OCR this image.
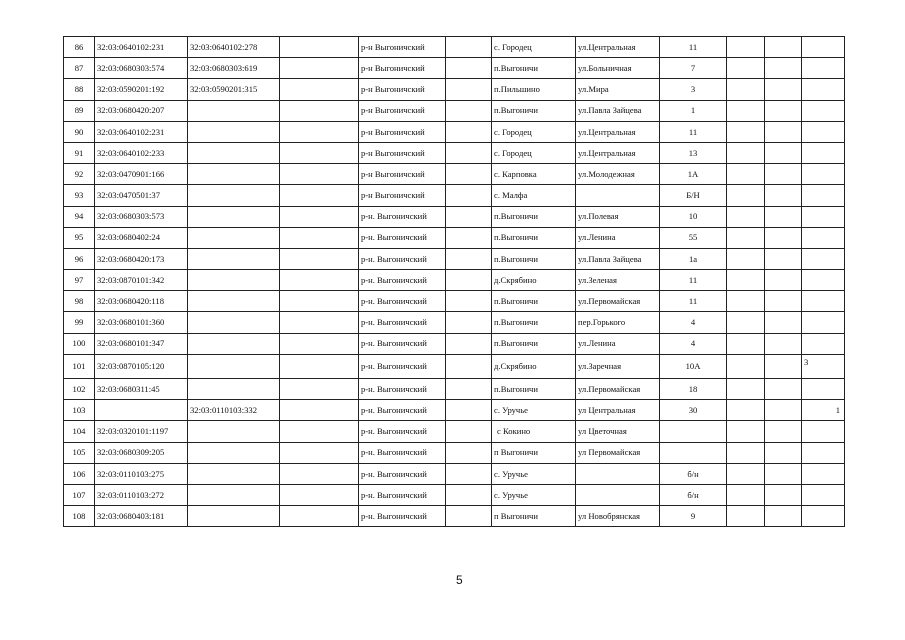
86	32:03:0640102:231	32:03:0640102:278		р-н Выгоничский		с. Городец	ул.Центральная	11			
87	32:03:0680303:574	32:03:0680303:619		р-н Выгоничский		п.Выгоничи	ул.Больничная	7			
88	32:03:0590201:192	32:03:0590201:315		р-н Выгоничский		п.Пильшино	ул.Мира	3			
89	32:03:0680420:207			р-н Выгоничский		п.Выгоничи	ул.Павла Зайцева	1			
90	32:03:0640102:231			р-н Выгоничский		с. Городец	ул.Центральная	11			
91	32:03:0640102:233			р-н Выгоничский		с. Городец	ул.Центральная	13			
92	32:03:0470901:166			р-н Выгоничский		с. Карповка	ул.Молодежная	1А			
93	32:03:0470501:37			р-н Выгоничский		с. Малфа		Б/Н			
94	32:03:0680303:573			р-н. Выгоничский		п.Выгоничи	ул.Полевая	10			
95	32:03:0680402:24			р-н. Выгоничский		п.Выгоничи	ул.Ленина	55			
96	32:03:0680420:173			р-н. Выгоничский		п.Выгоничи	ул.Павла Зайцева	1а			
97	32:03:0870101:342			р-н. Выгоничский		д.Скрябино	ул.Зеленая	11			
98	32:03:0680420:118			р-н. Выгоничский		п.Выгоничи	ул.Первомайская	11			
99	32:03:0680101:360			р-н. Выгоничский		п.Выгоничи	пер.Горького	4			
100	32:03:0680101:347			р-н. Выгоничский		п.Выгоничи	ул.Ленина	4			
101	32:03:0870105:120			р-н. Выгоничский		д.Скрябино	ул.Заречная	10А			3
102	32:03:0680311:45			р-н. Выгоничский		п.Выгоничи	ул.Первомайская	18			
103		32:03:0110103:332		р-н. Выгоничский		с. Уручье	ул Центральная	30			1
104	32:03:0320101:1197			р-н. Выгоничский		с Кокино	ул Цветочная				
105	32:03:0680309:205			р-н. Выгоничский		п Выгоничи	ул Первомайская				
106	32:03:0110103:275			р-н. Выгоничский		с. Уручье		б/н			
107	32:03:0110103:272			р-н. Выгоничский		с. Уручье		б/н			
108	32:03:0680403:181			р-н. Выгоничский		п Выгоничи	ул Новобрянская	9			
5
